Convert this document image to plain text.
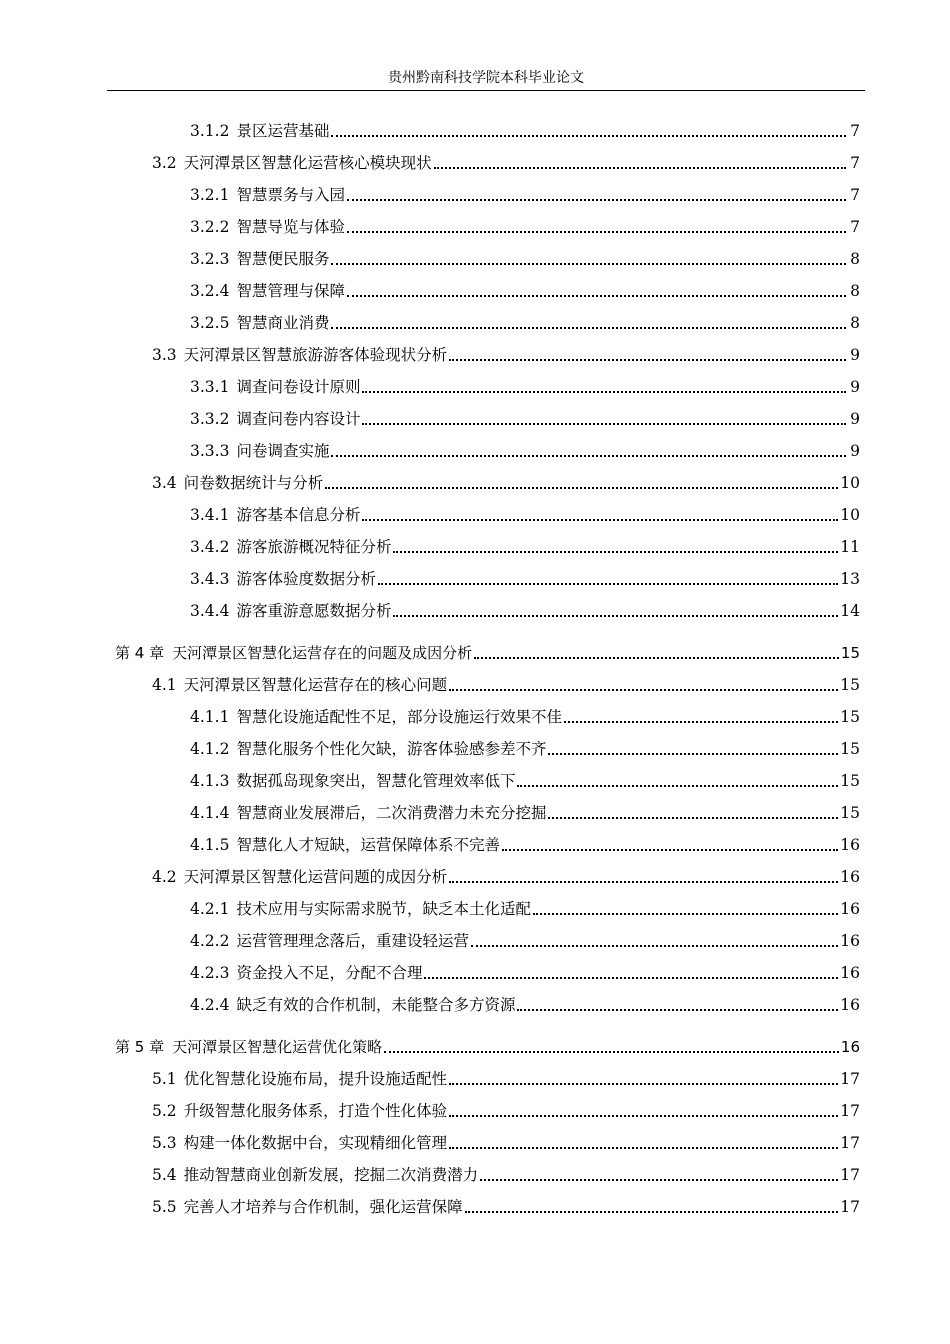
贵州黔南科技学院本科毕业论文
3.1.2 景区运营基础	7
3.2 天河潭景区智慧化运营核心模块现状	7
3.2.1 智慧票务与入园	7
3.2.2 智慧导览与体验	7
3.2.3 智慧便民服务	8
3.2.4 智慧管理与保障	8
3.2.5 智慧商业消费	8
3.3 天河潭景区智慧旅游游客体验现状分析	9
3.3.1 调查问卷设计原则	9
3.3.2 调查问卷内容设计	9
3.3.3 问卷调查实施	9
3.4 问卷数据统计与分析	10
3.4.1 游客基本信息分析	10
3.4.2 游客旅游概况特征分析	11
3.4.3 游客体验度数据分析	13
3.4.4 游客重游意愿数据分析	14
第 4 章 天河潭景区智慧化运营存在的问题及成因分析	15
4.1 天河潭景区智慧化运营存在的核心问题	15
4.1.1 智慧化设施适配性不足，部分设施运行效果不佳	15
4.1.2 智慧化服务个性化欠缺，游客体验感参差不齐	15
4.1.3 数据孤岛现象突出，智慧化管理效率低下	15
4.1.4 智慧商业发展滞后，二次消费潜力未充分挖掘	15
4.1.5 智慧化人才短缺，运营保障体系不完善	16
4.2 天河潭景区智慧化运营问题的成因分析	16
4.2.1 技术应用与实际需求脱节，缺乏本土化适配	16
4.2.2 运营管理理念落后，重建设轻运营	16
4.2.3 资金投入不足，分配不合理	16
4.2.4 缺乏有效的合作机制，未能整合多方资源	16
第 5 章 天河潭景区智慧化运营优化策略	16
5.1 优化智慧化设施布局，提升设施适配性	17
5.2 升级智慧化服务体系，打造个性化体验	17
5.3 构建一体化数据中台，实现精细化管理	17
5.4 推动智慧商业创新发展，挖掘二次消费潜力	17
5.5 完善人才培养与合作机制，强化运营保障	17
